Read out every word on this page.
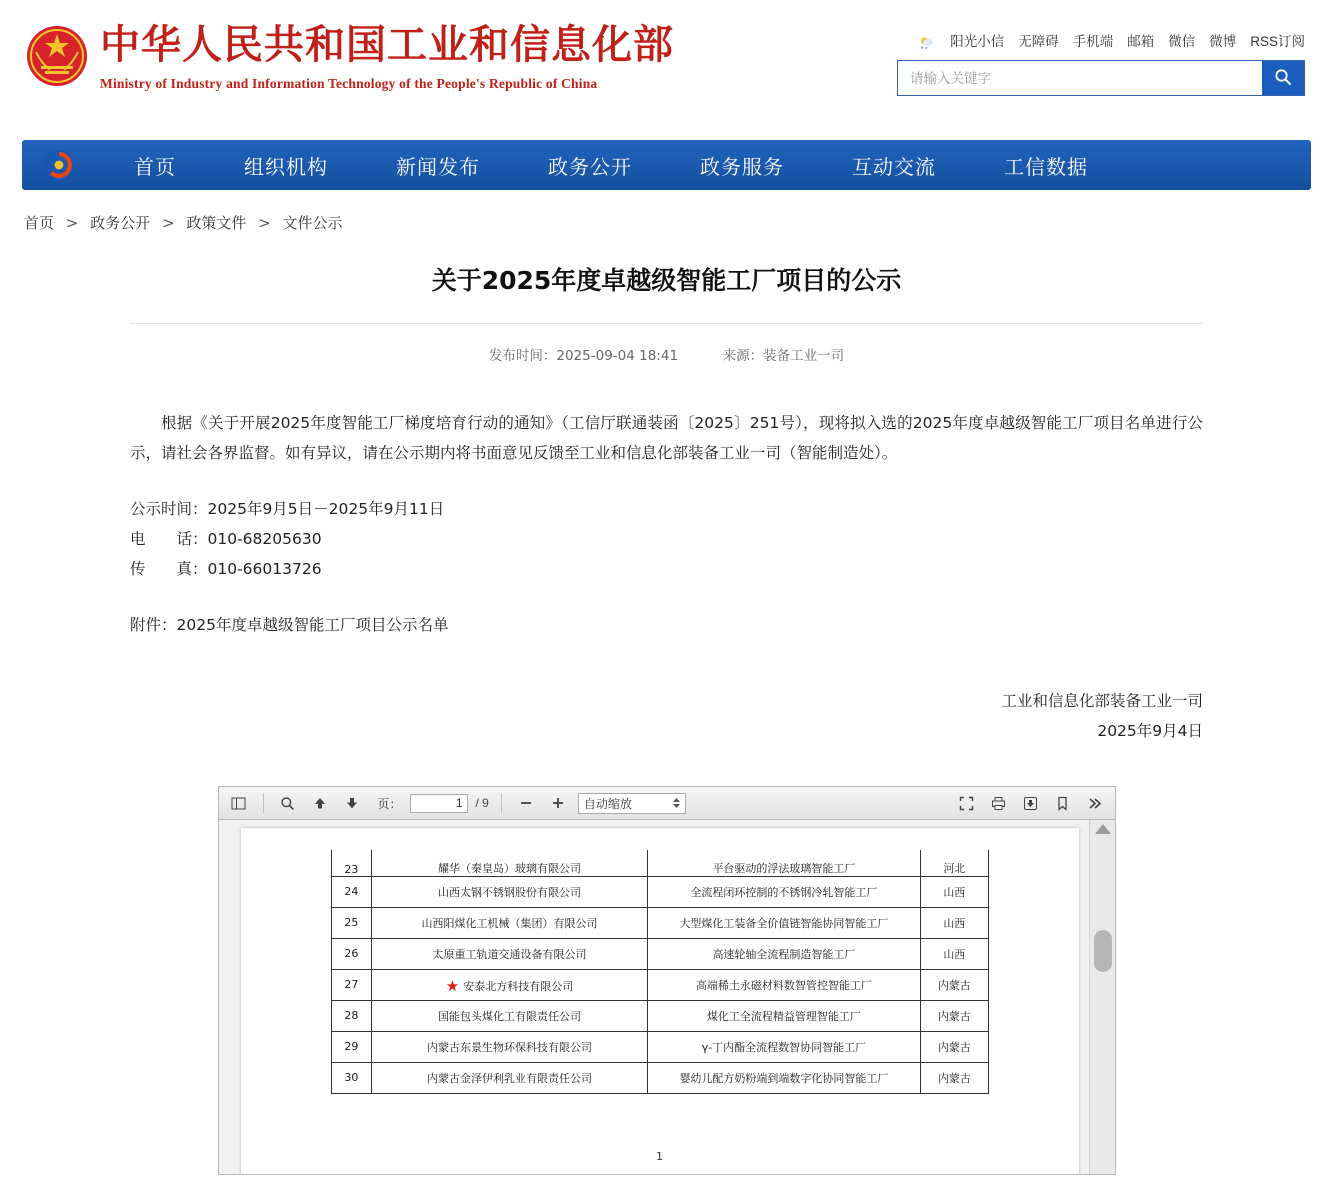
中华人民共和国工业和信息化部
Ministry of Industry and Information Technology of the People's Republic of China
阳光小信 无障碍 手机端 邮箱 微信 微博 RSS订阅
请输入关键字
首页	组织机构	新闻发布	政务公开	政务服务	互动交流	工信数据
首页 > 政务公开 > 政策文件 > 文件公示
关于2025年度卓越级智能工厂项目的公示
发布时间：2025-09-04 18:41	来源：装备工业一司
根据《关于开展2025年度智能工厂梯度培育行动的通知》（工信厅联通装函〔2025〕251号），现将拟入选的2025年度卓越级智能工厂项目名单进行公示，请社会各界监督。如有异议，请在公示期内将书面意见反馈至工业和信息化部装备工业一司（智能制造处）。
公示时间：2025年9月5日－2025年9月11日
电　　话：010-68205630
传　　真：010-66013726
附件：2025年度卓越级智能工厂项目公示名单
工业和信息化部装备工业一司
2025年9月4日
页：
1	/ 9	自动缩放
23	耀华（秦皇岛）玻璃有限公司	平台驱动的浮法玻璃智能工厂	河北
24	山西太钢不锈钢股份有限公司	全流程闭环控制的不锈钢冷轧智能工厂	山西
25	山西阳煤化工机械（集团）有限公司	大型煤化工装备全价值链智能协同智能工厂	山西
26	太原重工轨道交通设备有限公司	高速轮轴全流程制造智能工厂	山西
27	★ 安泰北方科技有限公司	高端稀土永磁材料数智管控智能工厂	内蒙古
28	国能包头煤化工有限责任公司	煤化工全流程精益管理智能工厂	内蒙古
29	内蒙古东景生物环保科技有限公司	γ-丁内酯全流程数智协同智能工厂	内蒙古
30	内蒙古金泽伊利乳业有限责任公司	婴幼儿配方奶粉端到端数字化协同智能工厂	内蒙古
1
